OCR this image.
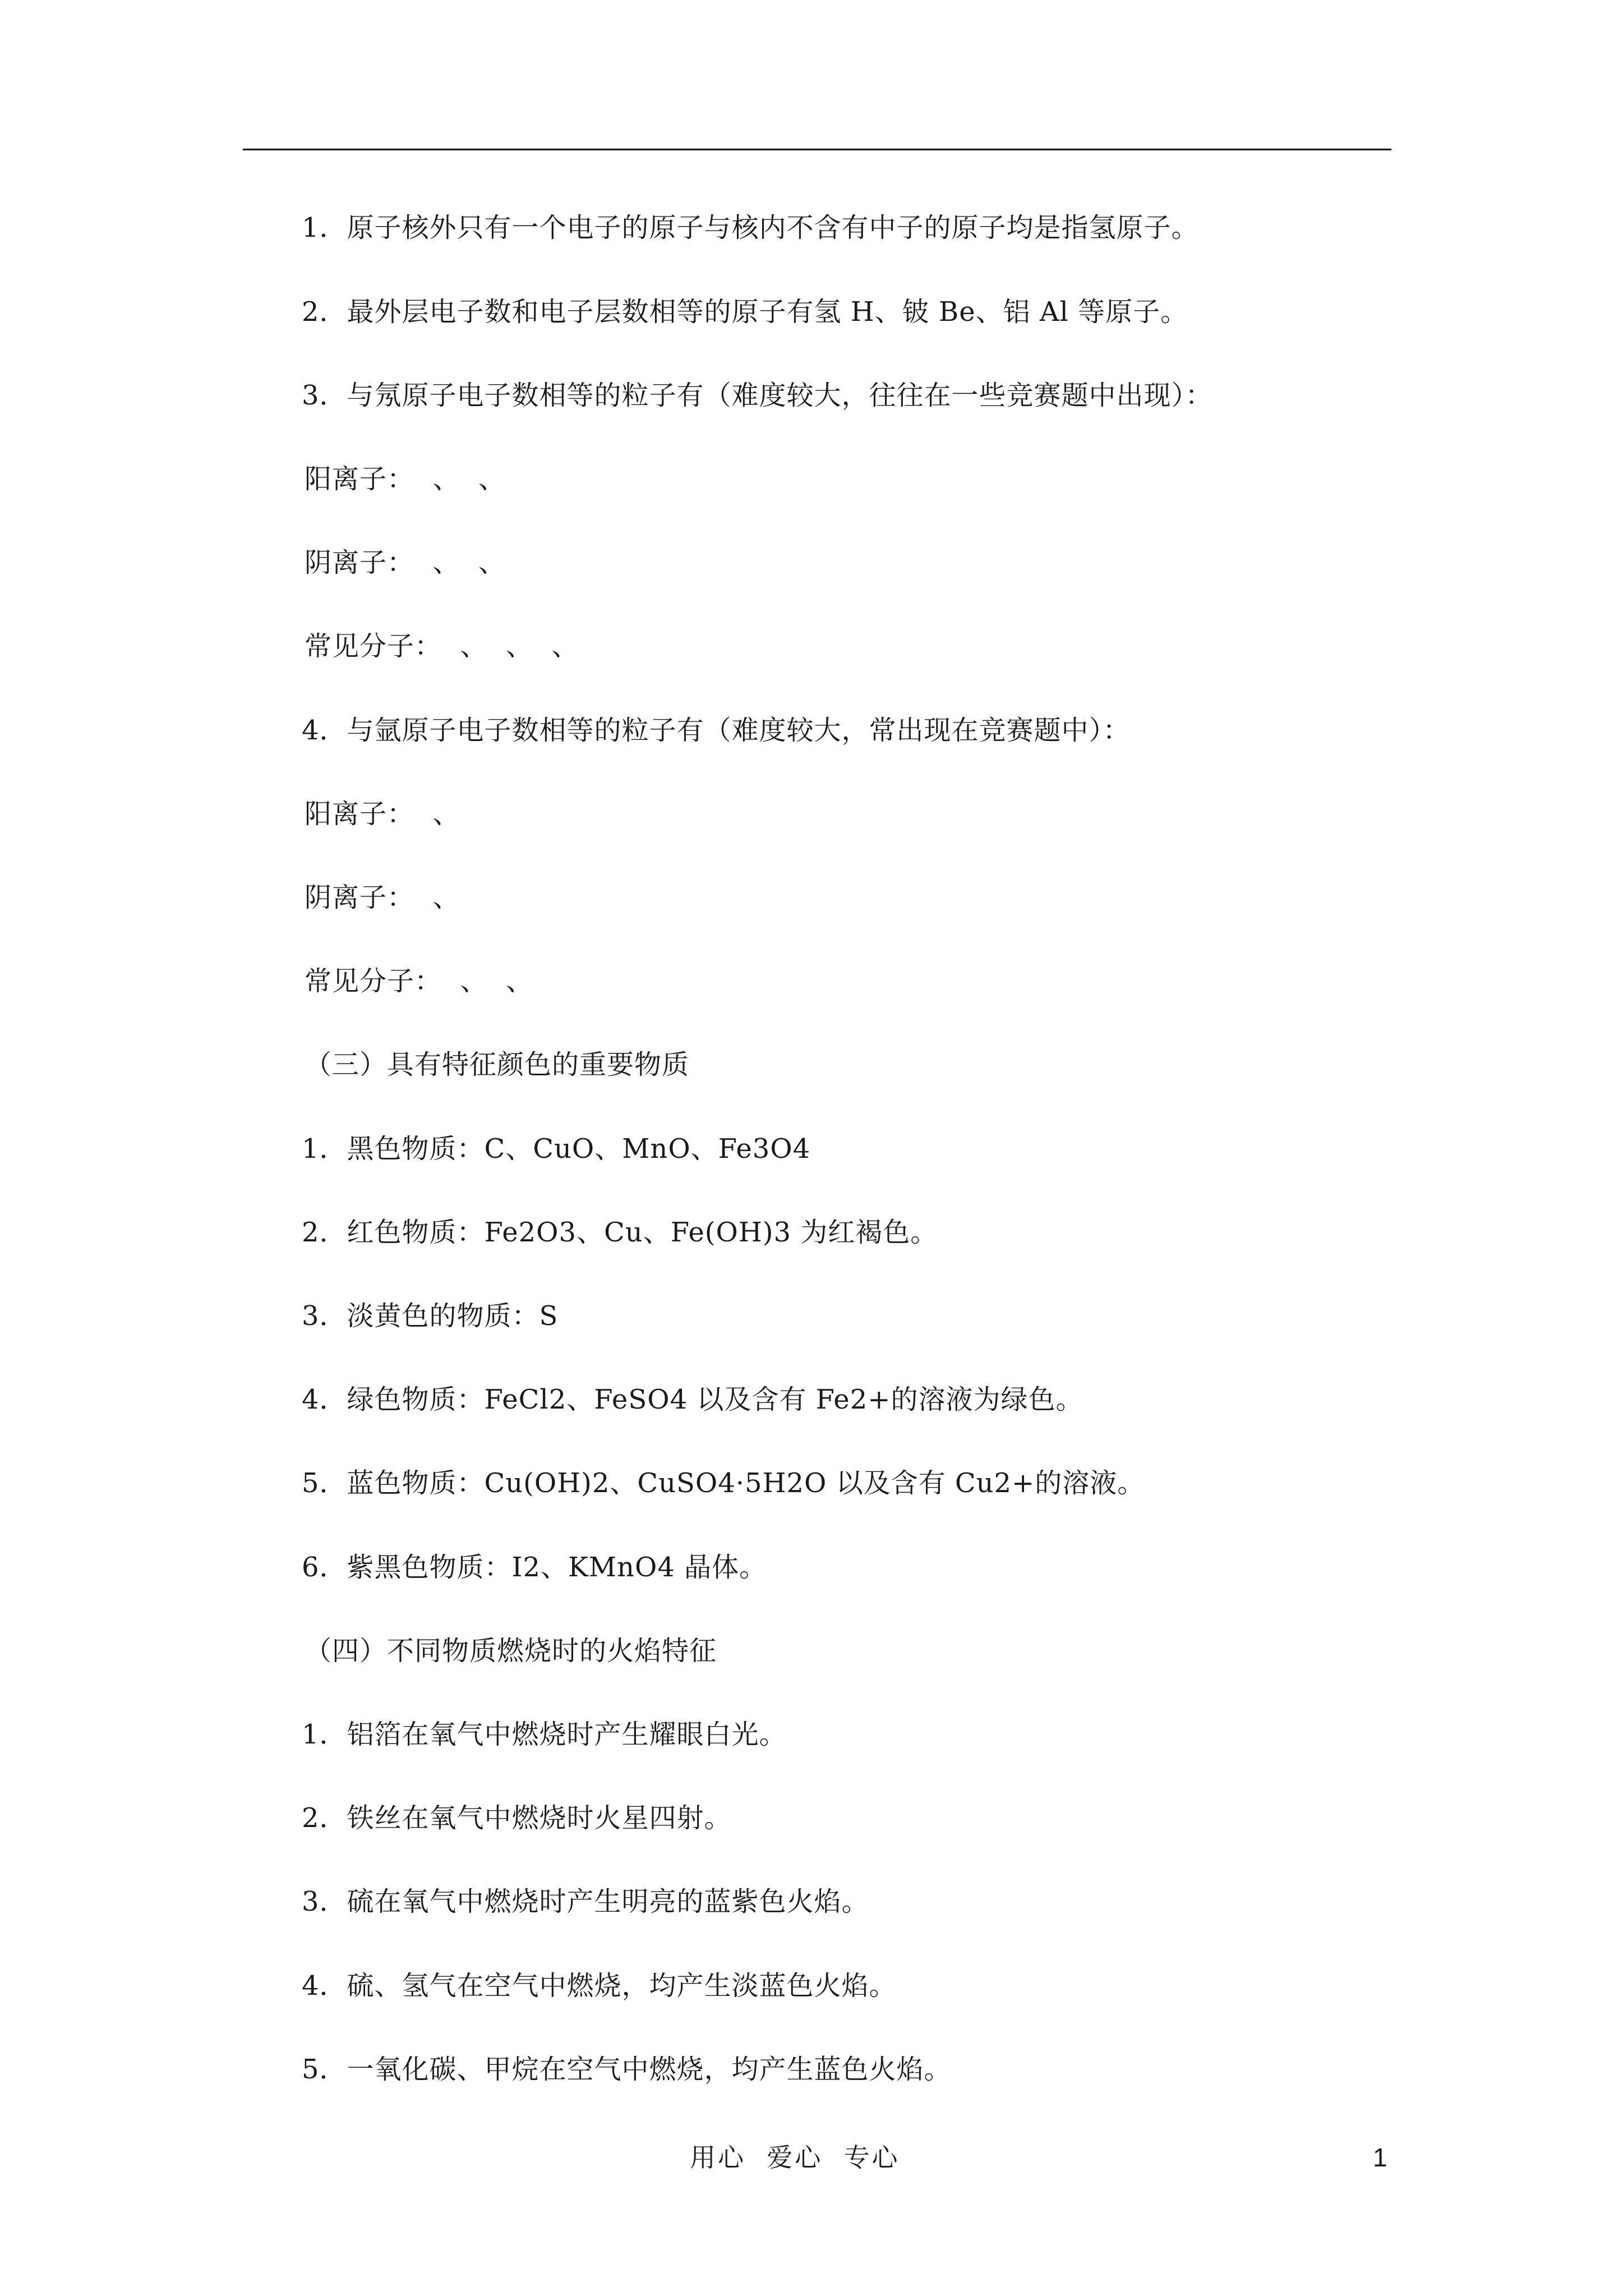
1．原子核外只有一个电子的原子与核内不含有中子的原子均是指氢原子。
2．最外层电子数和电子层数相等的原子有氢 H、铍 Be、铝 Al 等原子。
3．与氖原子电子数相等的粒子有（难度较大，往往在一些竞赛题中出现）：
阳离子：  、  、
阴离子：  、  、
常见分子：  、  、  、
4．与氩原子电子数相等的粒子有（难度较大，常出现在竞赛题中）：
阳离子：  、
阴离子：  、
常见分子：  、  、
（三）具有特征颜色的重要物质
1．黑色物质：C、CuO、MnO、Fe3O4
2．红色物质：Fe2O3、Cu、Fe(OH)3 为红褐色。
3．淡黄色的物质：S
4．绿色物质：FeCl2、FeSO4 以及含有 Fe2+的溶液为绿色。
5．蓝色物质：Cu(OH)2、CuSO4·5H2O 以及含有 Cu2+的溶液。
6．紫黑色物质：I2、KMnO4 晶体。
（四）不同物质燃烧时的火焰特征
1．铝箔在氧气中燃烧时产生耀眼白光。
2．铁丝在氧气中燃烧时火星四射。
3．硫在氧气中燃烧时产生明亮的蓝紫色火焰。
4．硫、氢气在空气中燃烧，均产生淡蓝色火焰。
5．一氧化碳、甲烷在空气中燃烧，均产生蓝色火焰。
用心  爱心  专心	1
